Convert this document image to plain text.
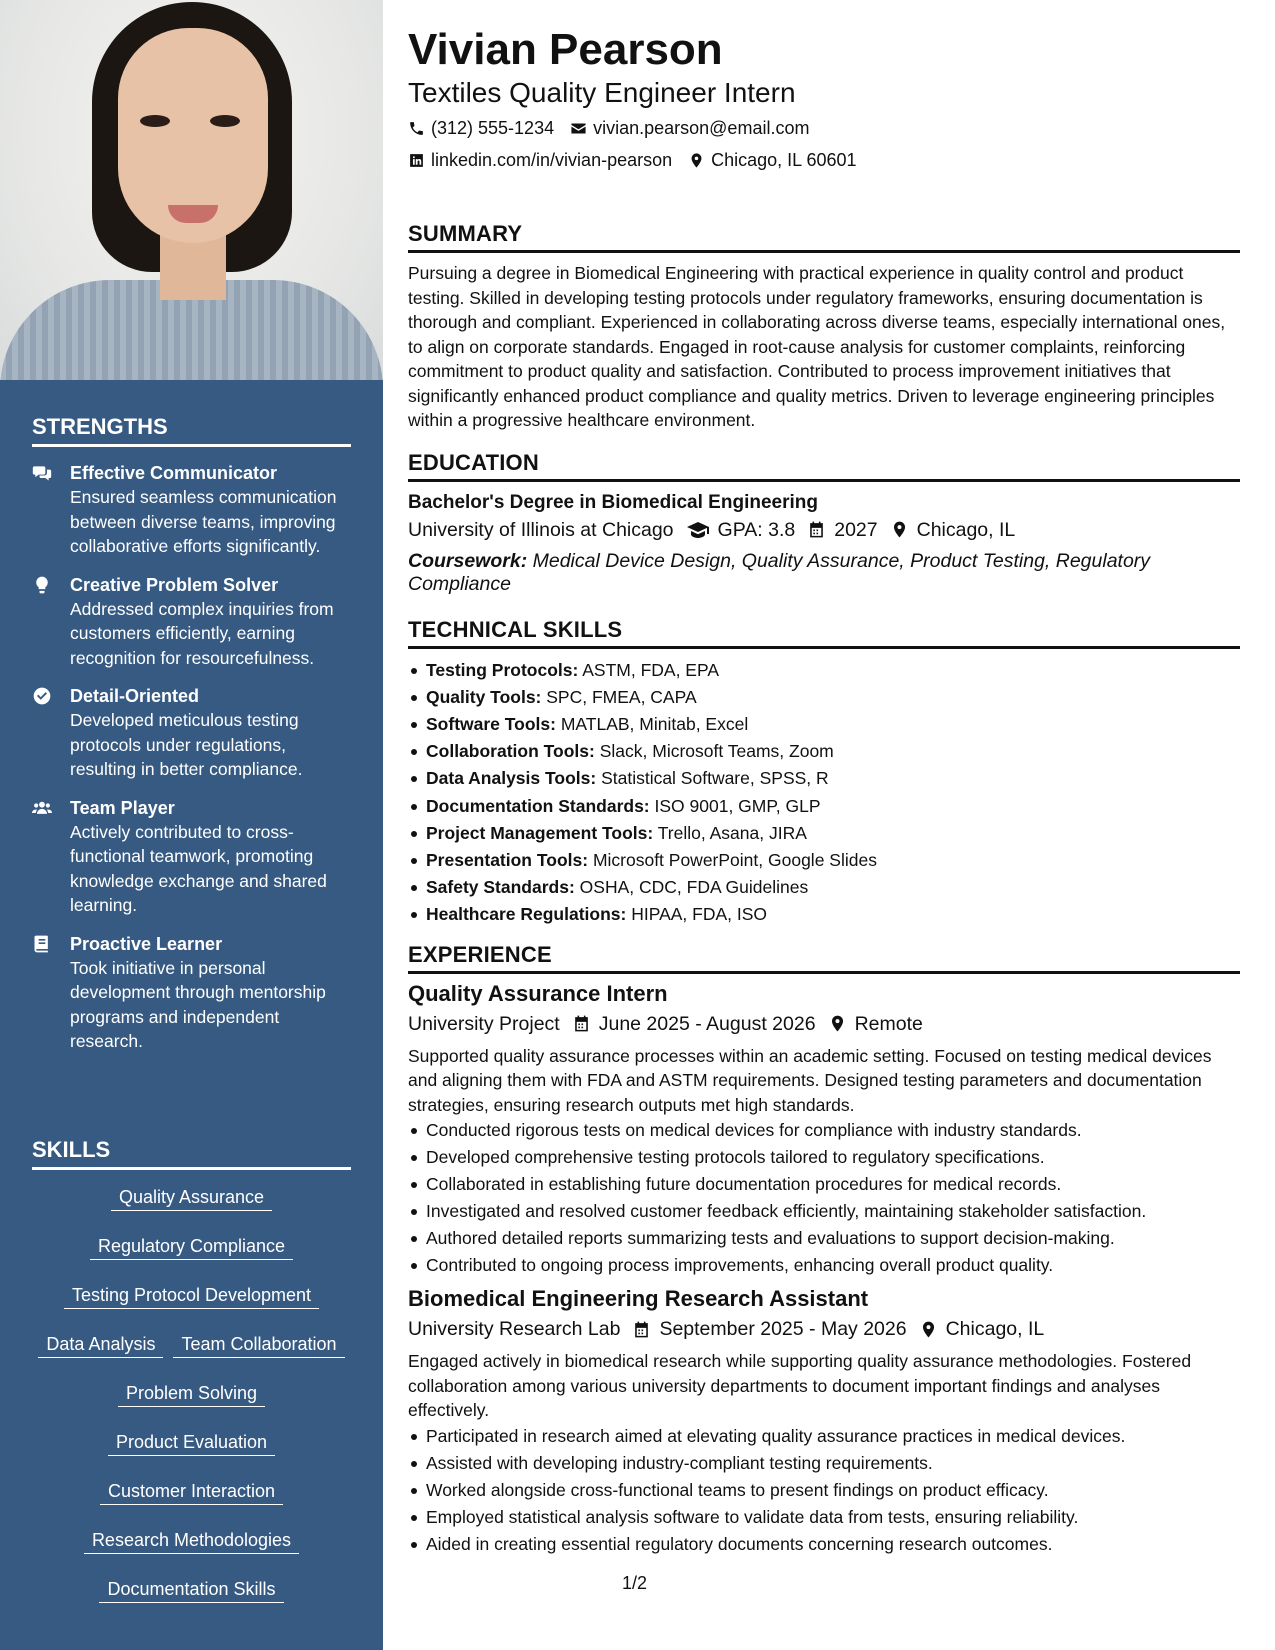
STRENGTHS
Effective Communicator
Ensured seamless communication between diverse teams, improving collaborative efforts significantly.
Creative Problem Solver
Addressed complex inquiries from customers efficiently, earning recognition for resourcefulness.
Detail-Oriented
Developed meticulous testing protocols under regulations, resulting in better compliance.
Team Player
Actively contributed to cross-functional teamwork, promoting knowledge exchange and shared learning.
Proactive Learner
Took initiative in personal development through mentorship programs and independent research.
SKILLS
Quality Assurance
Regulatory Compliance
Testing Protocol Development
Data Analysis	Team Collaboration
Problem Solving
Product Evaluation
Customer Interaction
Research Methodologies
Documentation Skills
Vivian Pearson
Textiles Quality Engineer Intern
(312) 555-1234 vivian.pearson@email.com
linkedin.com/in/vivian-pearson Chicago, IL 60601
SUMMARY
Pursuing a degree in Biomedical Engineering with practical experience in quality control and product testing. Skilled in developing testing protocols under regulatory frameworks, ensuring documentation is thorough and compliant. Experienced in collaborating across diverse teams, especially international ones, to align on corporate standards. Engaged in root-cause analysis for customer complaints, reinforcing commitment to product quality and satisfaction. Contributed to process improvement initiatives that significantly enhanced product compliance and quality metrics. Driven to leverage engineering principles within a progressive healthcare environment.
EDUCATION
Bachelor's Degree in Biomedical Engineering
University of Illinois at Chicago GPA: 3.8 2027 Chicago, IL
Coursework: Medical Device Design, Quality Assurance, Product Testing, Regulatory Compliance
TECHNICAL SKILLS
Testing Protocols: ASTM, FDA, EPA
Quality Tools: SPC, FMEA, CAPA
Software Tools: MATLAB, Minitab, Excel
Collaboration Tools: Slack, Microsoft Teams, Zoom
Data Analysis Tools: Statistical Software, SPSS, R
Documentation Standards: ISO 9001, GMP, GLP
Project Management Tools: Trello, Asana, JIRA
Presentation Tools: Microsoft PowerPoint, Google Slides
Safety Standards: OSHA, CDC, FDA Guidelines
Healthcare Regulations: HIPAA, FDA, ISO
EXPERIENCE
Quality Assurance Intern
University Project June 2025 - August 2026 Remote
Supported quality assurance processes within an academic setting. Focused on testing medical devices and aligning them with FDA and ASTM requirements. Designed testing parameters and documentation strategies, ensuring research outputs met high standards.
Conducted rigorous tests on medical devices for compliance with industry standards.
Developed comprehensive testing protocols tailored to regulatory specifications.
Collaborated in establishing future documentation procedures for medical records.
Investigated and resolved customer feedback efficiently, maintaining stakeholder satisfaction.
Authored detailed reports summarizing tests and evaluations to support decision-making.
Contributed to ongoing process improvements, enhancing overall product quality.
Biomedical Engineering Research Assistant
University Research Lab September 2025 - May 2026 Chicago, IL
Engaged actively in biomedical research while supporting quality assurance methodologies. Fostered collaboration among various university departments to document important findings and analyses effectively.
Participated in research aimed at elevating quality assurance practices in medical devices.
Assisted with developing industry-compliant testing requirements.
Worked alongside cross-functional teams to present findings on product efficacy.
Employed statistical analysis software to validate data from tests, ensuring reliability.
Aided in creating essential regulatory documents concerning research outcomes.
1/2
